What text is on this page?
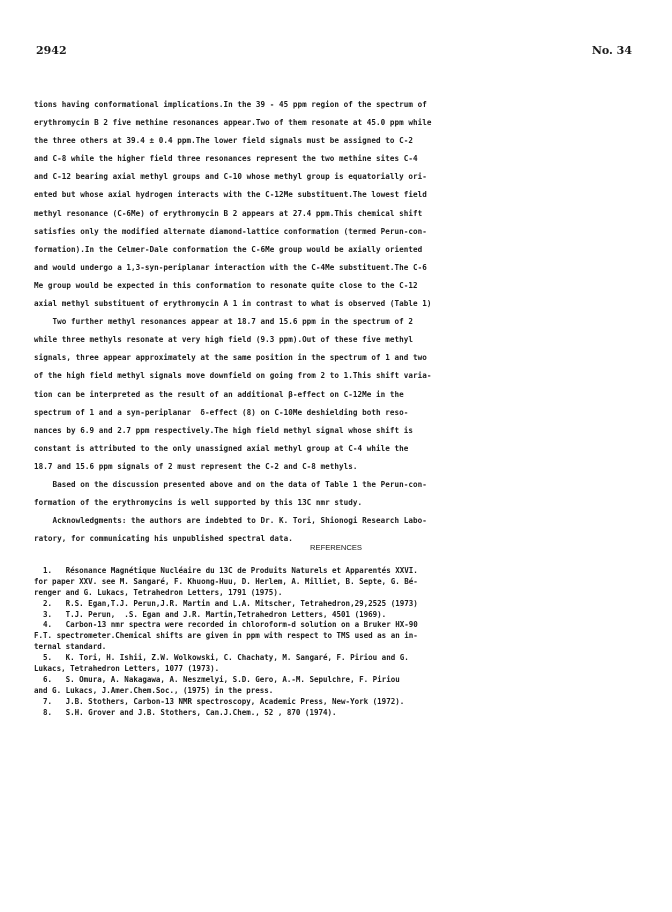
2942	No. 34
tions having conformational implications.In the 39 - 45 ppm region of the spectrum of
erythromycin B 2 five methine resonances appear.Two of them resonate at 45.0 ppm while
the three others at 39.4 ± 0.4 ppm.The lower field signals must be assigned to C-2
and C-8 while the higher field three resonances represent the two methine sites C-4
and C-12 bearing axial methyl groups and C-10 whose methyl group is equatorially ori-
ented but whose axial hydrogen interacts with the C-12Me substituent.The lowest field
methyl resonance (C-6Me) of erythromycin B 2 appears at 27.4 ppm.This chemical shift
satisfies only the modified alternate diamond-lattice conformation (termed Perun-con-
formation).In the Celmer-Dale conformation the C-6Me group would be axially oriented
and would undergo a 1,3-syn-periplanar interaction with the C-4Me substituent.The C-6
Me group would be expected in this conformation to resonate quite close to the C-12
axial methyl substituent of erythromycin A 1 in contrast to what is observed (Table 1)
Two further methyl resonances appear at 18.7 and 15.6 ppm in the spectrum of 2
while three methyls resonate at very high field (9.3 ppm).Out of these five methyl
signals, three appear approximately at the same position in the spectrum of 1 and two
of the high field methyl signals move downfield on going from 2 to 1.This shift varia-
tion can be interpreted as the result of an additional β-effect on C-12Me in the
spectrum of 1 and a syn-periplanar  δ-effect (8) on C-10Me deshielding both reso-
nances by 6.9 and 2.7 ppm respectively.The high field methyl signal whose shift is
constant is attributed to the only unassigned axial methyl group at C-4 while the
18.7 and 15.6 ppm signals of 2 must represent the C-2 and C-8 methyls.
Based on the discussion presented above and on the data of Table 1 the Perun-con-
formation of the erythromycins is well supported by this 13C nmr study.
Acknowledgments: the authors are indebted to Dr. K. Tori, Shionogi Research Labo-
ratory, for communicating his unpublished spectral data.
REFERENCES
1.   Résonance Magnétique Nucléaire du 13C de Produits Naturels et Apparentés XXVI.
for paper XXV. see M. Sangaré, F. Khuong-Huu, D. Herlem, A. Milliet, B. Septe, G. Bé-
renger and G. Lukacs, Tetrahedron Letters, 1791 (1975).
2.   R.S. Egan,T.J. Perun,J.R. Martin and L.A. Mitscher, Tetrahedron,29,2525 (1973)
3.   T.J. Perun,  .S. Egan and J.R. Martin,Tetrahedron Letters, 4501 (1969).
4.   Carbon-13 nmr spectra were recorded in chloroform-d solution on a Bruker HX-90
F.T. spectrometer.Chemical shifts are given in ppm with respect to TMS used as an in-
ternal standard.
5.   K. Tori, H. Ishii, Z.W. Wolkowski, C. Chachaty, M. Sangaré, F. Piriou and G.
Lukacs, Tetrahedron Letters, 1077 (1973).
6.   S. Omura, A. Nakagawa, A. Neszmelyi, S.D. Gero, A.-M. Sepulchre, F. Piriou
and G. Lukacs, J.Amer.Chem.Soc., (1975) in the press.
7.   J.B. Stothers, Carbon-13 NMR spectroscopy, Academic Press, New-York (1972).
8.   S.H. Grover and J.B. Stothers, Can.J.Chem., 52 , 870 (1974).
